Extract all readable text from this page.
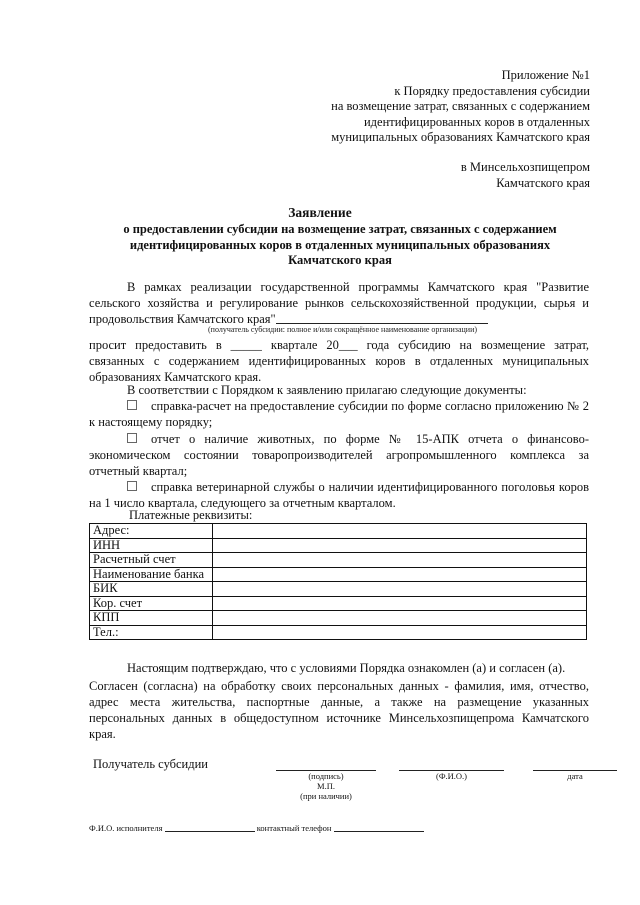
Приложение №1
к Порядку предоставления субсидии
на возмещение затрат, связанных с содержанием
идентифицированных коров в отдаленных
муниципальных образованиях Камчатского края
в Минсельхозпищепром
Камчатского края
Заявление
о предоставлении субсидии на возмещение затрат, связанных с содержанием
идентифицированных коров в отдаленных муниципальных образованиях
Камчатского края
В рамках реализации государственной программы Камчатского края "Развитие сельского хозяйства и регулирование рынков сельскохозяйственной продукции, сырья и продовольствия Камчатского края"
(получатель субсидии: полное и/или сокращённое наименование организации)
просит предоставить в _____ квартале 20___ года субсидию на возмещение затрат, связанных с содержанием идентифицированных коров в отдаленных муниципальных образованиях Камчатского края.
В соответствии с Порядком к заявлению прилагаю следующие документы:
справка-расчет на предоставление субсидии по форме согласно приложению № 2 к настоящему порядку;
отчет о наличие животных, по форме № 15-АПК отчета о финансово-экономическом состоянии товаропроизводителей агропромышленного комплекса за отчетный квартал;
справка ветеринарной службы о наличии идентифицированного поголовья коров на 1 число квартала, следующего за отчетным кварталом.
Платежные реквизиты:
Адрес:	
ИНН	
Расчетный счет	
Наименование банка	
БИК	
Кор. счет	
КПП	
Тел.:	
Настоящим подтверждаю, что с условиями Порядка ознакомлен (а) и согласен (а).
Согласен (согласна) на обработку своих персональных данных - фамилия, имя, отчество, адрес места жительства, паспортные данные, а также на размещение указанных персональных данных в общедоступном источнике Минсельхозпищепрома Камчатского края.
Получатель субсидии
(подпись)
М.П.
(при наличии)
(Ф.И.О.)	дата
Ф.И.О. исполнителя	контактный телефон
